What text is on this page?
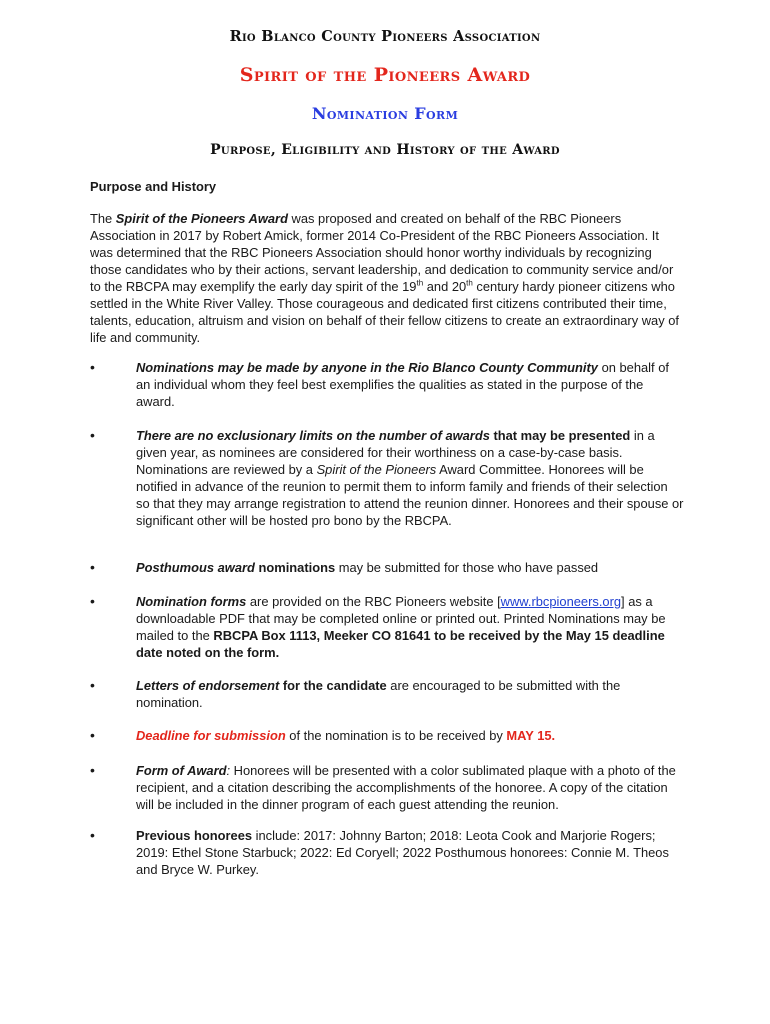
Rio Blanco County Pioneers Association
Spirit of the Pioneers Award
Nomination Form
Purpose, Eligibility and History of the Award
Purpose and History

The Spirit of the Pioneers Award was proposed and created on behalf of the RBC Pioneers Association in 2017 by Robert Amick, former 2014 Co-President of the RBC Pioneers Association. It was determined that the RBC Pioneers Association should honor worthy individuals by recognizing those candidates who by their actions, servant leadership, and dedication to community service and/or to the RBCPA may exemplify the early day spirit of the 19th and 20th century hardy pioneer citizens who settled in the White River Valley. Those courageous and dedicated first citizens contributed their time, talents, education, altruism and vision on behalf of their fellow citizens to create an extraordinary way of life and community.

•	Nominations may be made by anyone in the Rio Blanco County Community on behalf of an individual whom they feel best exemplifies the qualities as stated in the purpose of the award.

•	There are no exclusionary limits on the number of awards that may be presented in a given year, as nominees are considered for their worthiness on a case-by-case basis. Nominations are reviewed by a Spirit of the Pioneers Award Committee. Honorees will be notified in advance of the reunion to permit them to inform family and friends of their selection so that they may arrange registration to attend the reunion dinner. Honorees and their spouse or significant other will be hosted pro bono by the RBCPA.

•	Posthumous award nominations may be submitted for those who have passed

•	Nomination forms are provided on the RBC Pioneers website [www.rbcpioneers.org] as a downloadable PDF that may be completed online or printed out. Printed Nominations may be mailed to the RBCPA Box 1113, Meeker CO 81641 to be received by the May 15 deadline date noted on the form.

•	Letters of endorsement for the candidate are encouraged to be submitted with the nomination.

•	Deadline for submission of the nomination is to be received by MAY 15.

•	Form of Award: Honorees will be presented with a color sublimated plaque with a photo of the recipient, and a citation describing the accomplishments of the honoree. A copy of the citation will be included in the dinner program of each guest attending the reunion.

•	Previous honorees include: 2017: Johnny Barton; 2018: Leota Cook and Marjorie Rogers; 2019: Ethel Stone Starbuck; 2022: Ed Coryell; 2022 Posthumous honorees: Connie M. Theos and Bryce W. Purkey.
